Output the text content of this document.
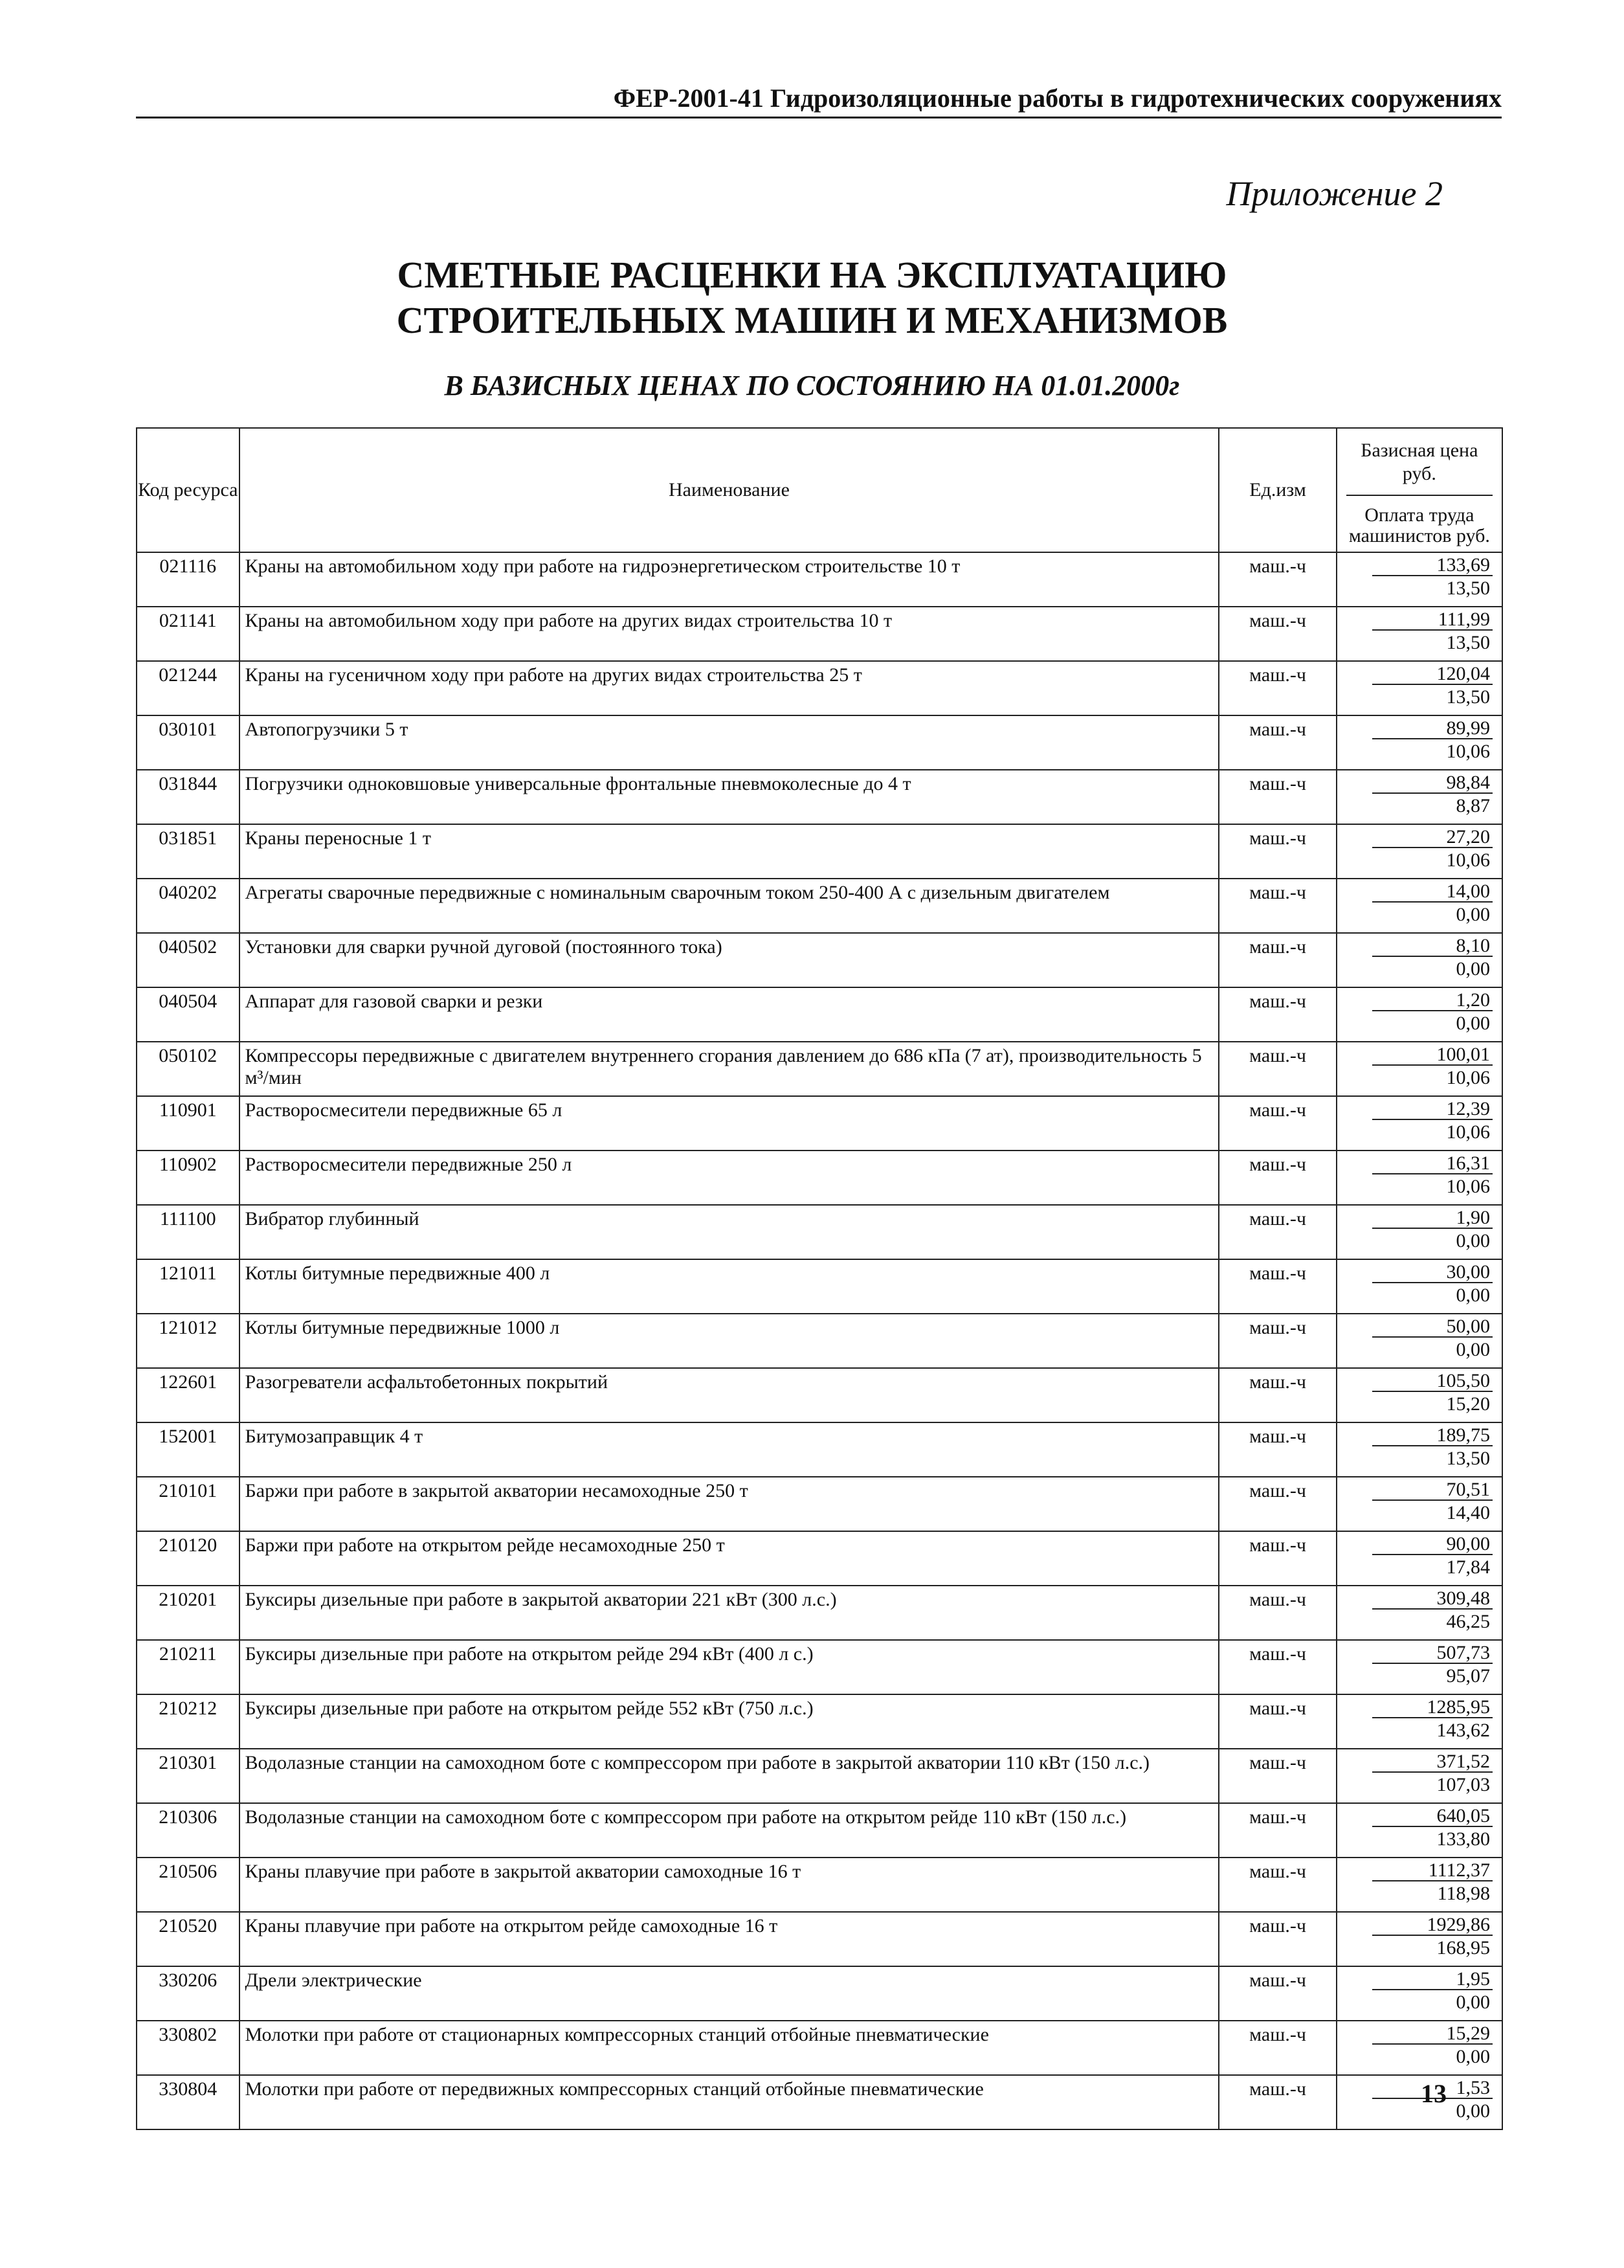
ФЕР-2001-41 Гидроизоляционные работы в гидротехнических сооружениях
Приложение 2
СМЕТНЫЕ РАСЦЕНКИ НА ЭКСПЛУАТАЦИЮ
СТРОИТЕЛЬНЫХ МАШИН И МЕХАНИЗМОВ
В БАЗИСНЫХ ЦЕНАХ ПО СОСТОЯНИЮ НА 01.01.2000г
Код ресурса	Наименование	Ед.изм	Базисная цена руб.
Оплата труда машинистов руб.

021116	Краны на автомобильном ходу при работе на гидроэнергетическом строительстве 10 т	маш.-ч	133,69
13,50

021141	Краны на автомобильном ходу при работе на других видах строительства 10 т	маш.-ч	111,99
13,50

021244	Краны на гусеничном ходу при работе на других видах строительства 25 т	маш.-ч	120,04
13,50

030101	Автопогрузчики 5 т	маш.-ч	89,99
10,06

031844	Погрузчики одноковшовые универсальные фронтальные пневмоколесные до 4 т	маш.-ч	98,84
8,87

031851	Краны переносные 1 т	маш.-ч	27,20
10,06

040202	Агрегаты сварочные передвижные с номинальным сварочным током 250-400 А с дизельным двигателем	маш.-ч	14,00
0,00

040502	Установки для сварки ручной дуговой (постоянного тока)	маш.-ч	8,10
0,00

040504	Аппарат для газовой сварки и резки	маш.-ч	1,20
0,00

050102	Компрессоры передвижные с двигателем внутреннего сгорания давлением до 686 кПа (7 ат), производительность 5 м³/мин	маш.-ч	100,01
10,06

110901	Растворосмесители передвижные 65 л	маш.-ч	12,39
10,06

110902	Растворосмесители передвижные 250 л	маш.-ч	16,31
10,06

111100	Вибратор глубинный	маш.-ч	1,90
0,00

121011	Котлы битумные передвижные 400 л	маш.-ч	30,00
0,00

121012	Котлы битумные передвижные 1000 л	маш.-ч	50,00
0,00

122601	Разогреватели асфальтобетонных покрытий	маш.-ч	105,50
15,20

152001	Битумозаправщик 4 т	маш.-ч	189,75
13,50

210101	Баржи при работе в закрытой акватории несамоходные 250 т	маш.-ч	70,51
14,40

210120	Баржи при работе на открытом рейде несамоходные 250 т	маш.-ч	90,00
17,84

210201	Буксиры дизельные при работе в закрытой акватории 221 кВт (300 л.с.)	маш.-ч	309,48
46,25

210211	Буксиры дизельные при работе на открытом рейде 294 кВт (400 л с.)	маш.-ч	507,73
95,07

210212	Буксиры дизельные при работе на открытом рейде 552 кВт (750 л.с.)	маш.-ч	1285,95
143,62

210301	Водолазные станции на самоходном боте с компрессором при работе в закрытой акватории 110 кВт (150 л.с.)	маш.-ч	371,52
107,03

210306	Водолазные станции на самоходном боте с компрессором при работе на открытом рейде 110 кВт (150 л.с.)	маш.-ч	640,05
133,80

210506	Краны плавучие при работе в закрытой акватории самоходные 16 т	маш.-ч	1112,37
118,98

210520	Краны плавучие при работе на открытом рейде самоходные 16 т	маш.-ч	1929,86
168,95

330206	Дрели электрические	маш.-ч	1,95
0,00

330802	Молотки при работе от стационарных компрессорных станций отбойные пневматические	маш.-ч	15,29
0,00

330804	Молотки при работе от передвижных компрессорных станций отбойные пневматические	маш.-ч	1,53
0,00
13
